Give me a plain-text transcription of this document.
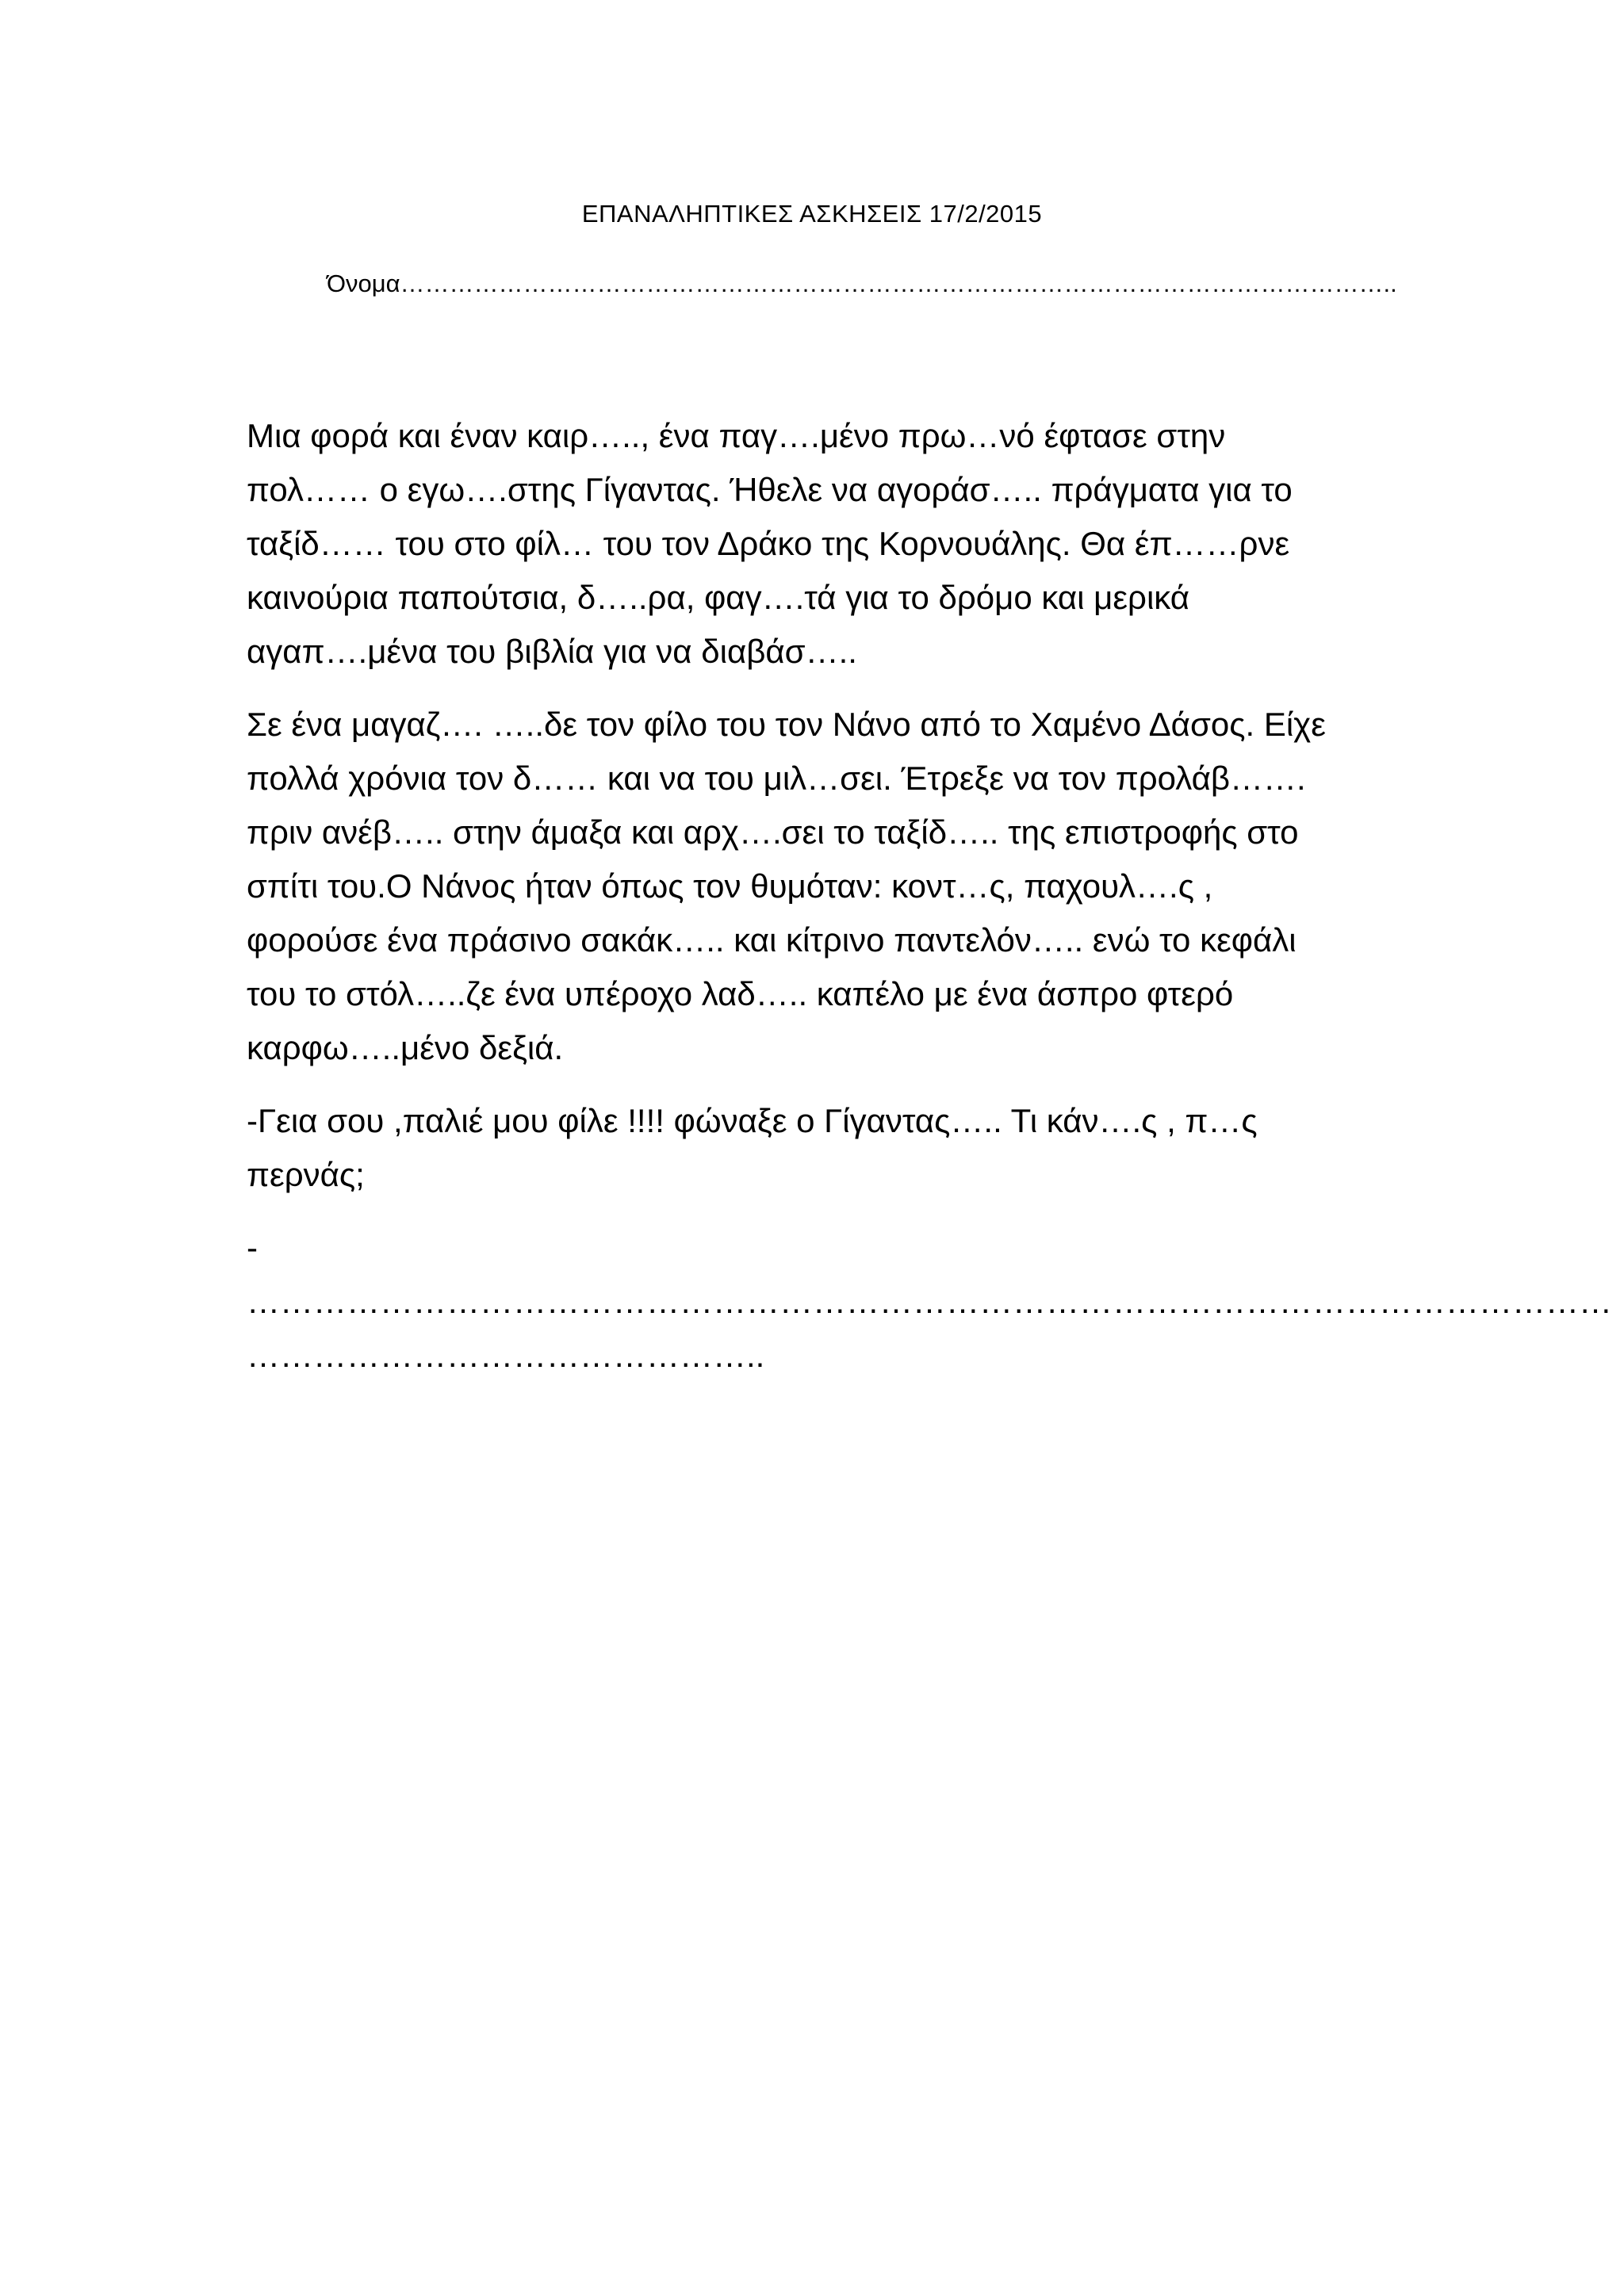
ΕΠΑΝΑΛΗΠΤΙΚΕΣ ΑΣΚΗΣΕΙΣ 17/2/2015
Όνομα…………………………………………………………………………………………………………..
Μια φορά και έναν καιρ….., ένα παγ….μένο πρω…νό έφτασε στην
πολ…… ο εγω….στης Γίγαντας. Ήθελε να αγοράσ….. πράγματα για το
ταξίδ…… του στο φίλ… του τον Δράκο της Κορνουάλης. Θα έπ……ρνε
καινούρια παπούτσια, δ…..ρα, φαγ….τά για το δρόμο και μερικά
αγαπ….μένα του βιβλία για να διαβάσ…..
Σε ένα μαγαζ…. …..δε τον φίλο του τον Νάνο από το Χαμένο Δάσος. Είχε
πολλά χρόνια τον δ…… και να του μιλ…σει. Έτρεξε να τον προλάβ…….
πριν ανέβ….. στην άμαξα και αρχ….σει το ταξίδ….. της επιστροφής στο
σπίτι του.Ο Νάνος ήταν όπως τον θυμόταν: κοντ…ς, παχουλ….ς ,
φορούσε ένα πράσινο σακάκ….. και κίτρινο παντελόν….. ενώ το κεφάλι
του το στόλ…..ζε ένα υπέροχο λαδ….. καπέλο με ένα άσπρο φτερό
καρφω…..μένο δεξιά.
-Γεια σου ,παλιέ μου φίλε !!!! φώναξε ο Γίγαντας….. Τι κάν….ς , π…ς
περνάς;
-
……………………………………………………………………………………………………………
………………………………………..
